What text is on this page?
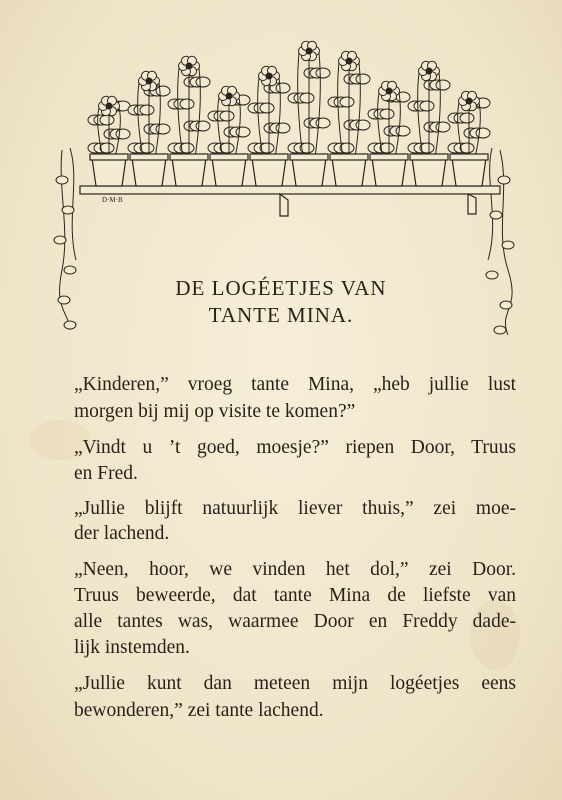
D·M·B
DE LOGÉETJES VAN
TANTE MINA.
„Kinderen,” vroeg tante Mina, „heb jullie lust
morgen bij mij op visite te komen?”
„Vindt u ’t goed, moesje?” riepen Door, Truus
en Fred.
„Jullie blijft natuurlijk liever thuis,” zei moe-
der lachend.
„Neen, hoor, we vinden het dol,” zei Door.
Truus beweerde, dat tante Mina de liefste van
alle tantes was, waarmee Door en Freddy dade-
lijk instemden.
„Jullie kunt dan meteen mijn logéetjes eens
bewonderen,” zei tante lachend.
